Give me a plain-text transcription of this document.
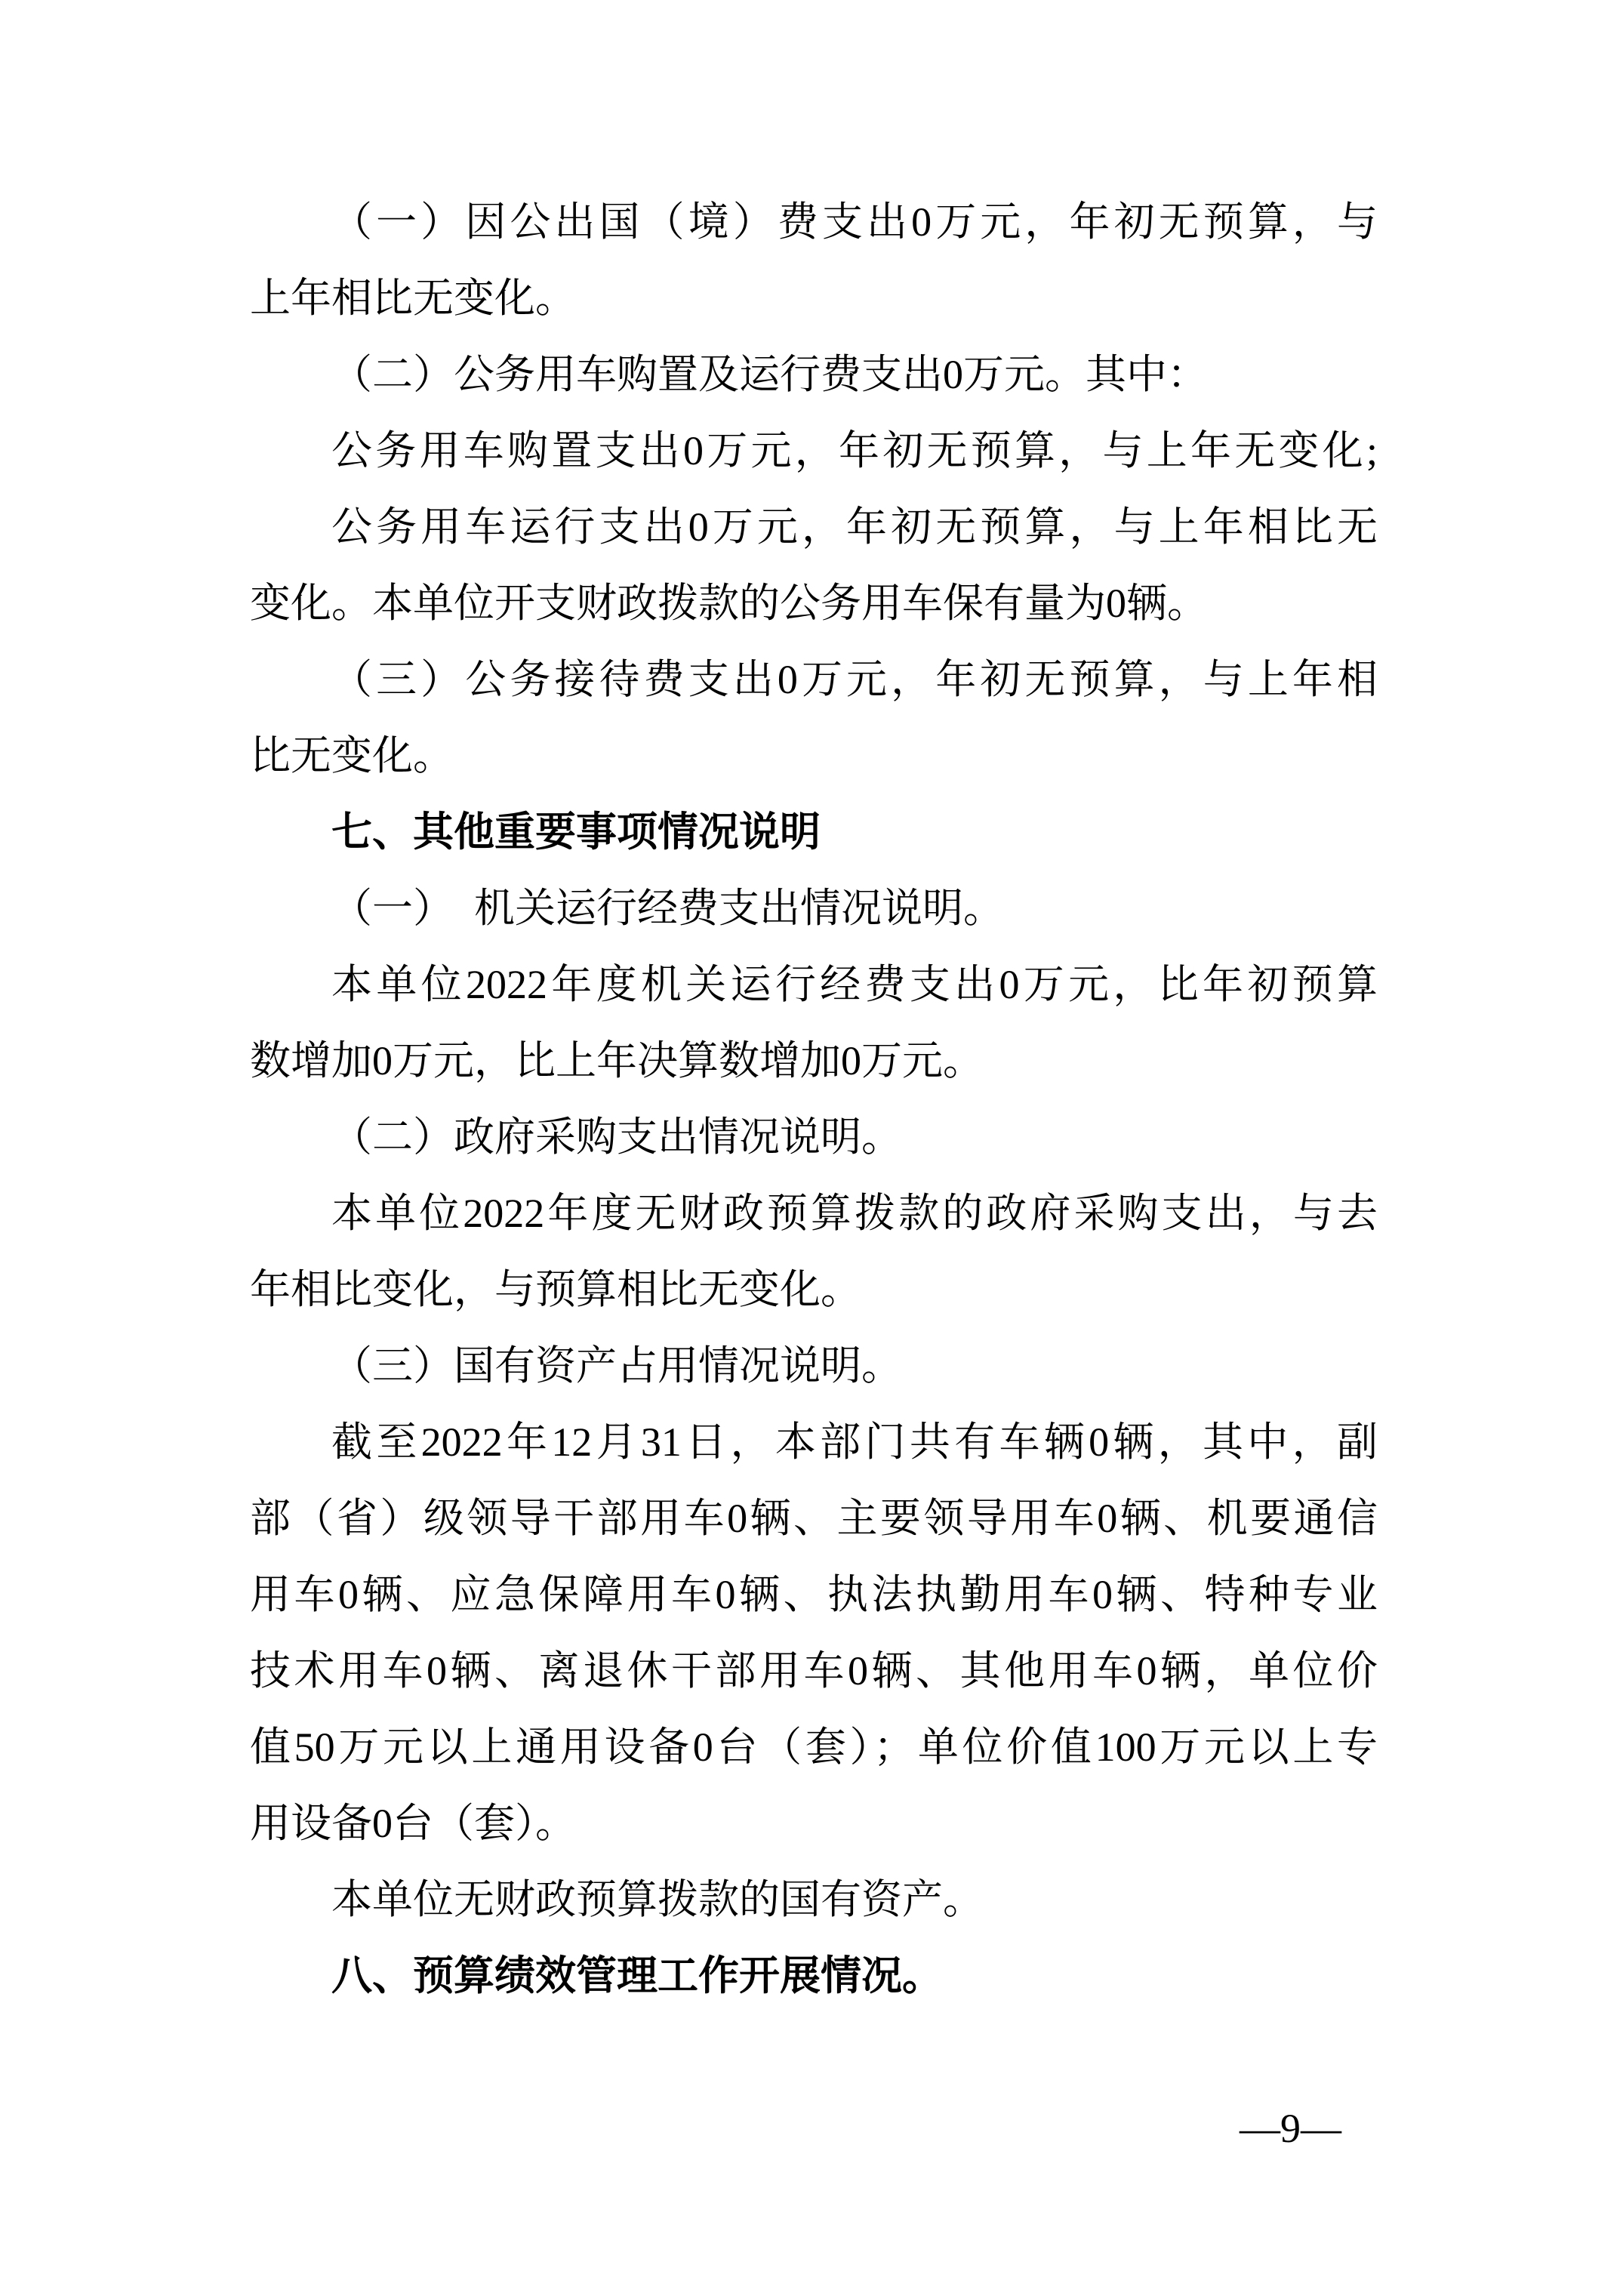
（一）因公出国（境）费支出0万元，年初无预算，与
上年相比无变化。
（二）公务用车购置及运行费支出0万元。其中：
公务用车购置支出0万元，年初无预算，与上年无变化;
公务用车运行支出0万元，年初无预算，与上年相比无
变化。本单位开支财政拨款的公务用车保有量为0辆。
（三）公务接待费支出0万元，年初无预算，与上年相
比无变化。
七、其他重要事项情况说明
（一）　机关运行经费支出情况说明。
本单位2022年度机关运行经费支出0万元，比年初预算
数增加0万元，比上年决算数增加0万元。
（二）政府采购支出情况说明。
本单位2022年度无财政预算拨款的政府采购支出，与去
年相比变化，与预算相比无变化。
（三）国有资产占用情况说明。
截至2022年12月31日，本部门共有车辆0辆，其中，副
部（省）级领导干部用车0辆、主要领导用车0辆、机要通信
用车0辆、应急保障用车0辆、执法执勤用车0辆、特种专业
技术用车0辆、离退休干部用车0辆、其他用车0辆，单位价
值50万元以上通用设备0台（套）；单位价值100万元以上专
用设备0台（套）。
本单位无财政预算拨款的国有资产。
八、预算绩效管理工作开展情况。
—9—
